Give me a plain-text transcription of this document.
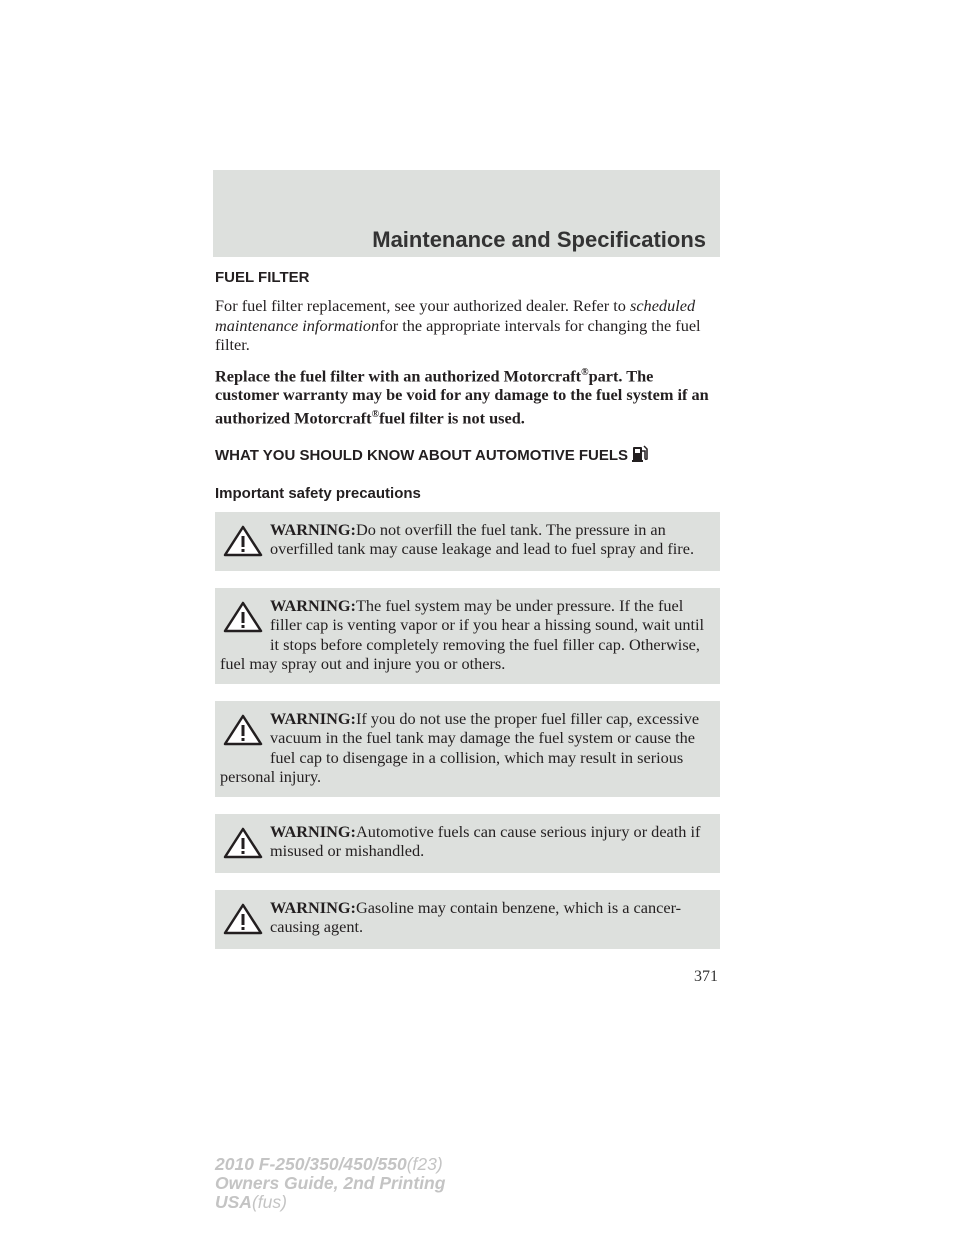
Maintenance and Specifications
FUEL FILTER

For fuel filter replacement, see your authorized dealer. Refer to scheduled maintenance informationfor the appropriate intervals for changing the fuel filter.

Replace the fuel filter with an authorized Motorcraft®part. The customer warranty may be void for any damage to the fuel system if an authorized Motorcraft®fuel filter is not used.

WHAT YOU SHOULD KNOW ABOUT AUTOMOTIVE FUELS
Important safety precautions
WARNING:Do not overfill the fuel tank. The pressure in an overfilled tank may cause leakage and lead to fuel spray and fire.
WARNING:The fuel system may be under pressure. If the fuel filler cap is venting vapor or if you hear a hissing sound, wait until it stops before completely removing the fuel filler cap. Otherwise, fuel may spray out and injure you or others.
WARNING:If you do not use the proper fuel filler cap, excessive vacuum in the fuel tank may damage the fuel system or cause the fuel cap to disengage in a collision, which may result in serious personal injury.
WARNING:Automotive fuels can cause serious injury or death if misused or mishandled.
WARNING:Gasoline may contain benzene, which is a cancer-causing agent.
371
2010 F-250/350/450/550(f23)
Owners Guide, 2nd Printing
USA(fus)
